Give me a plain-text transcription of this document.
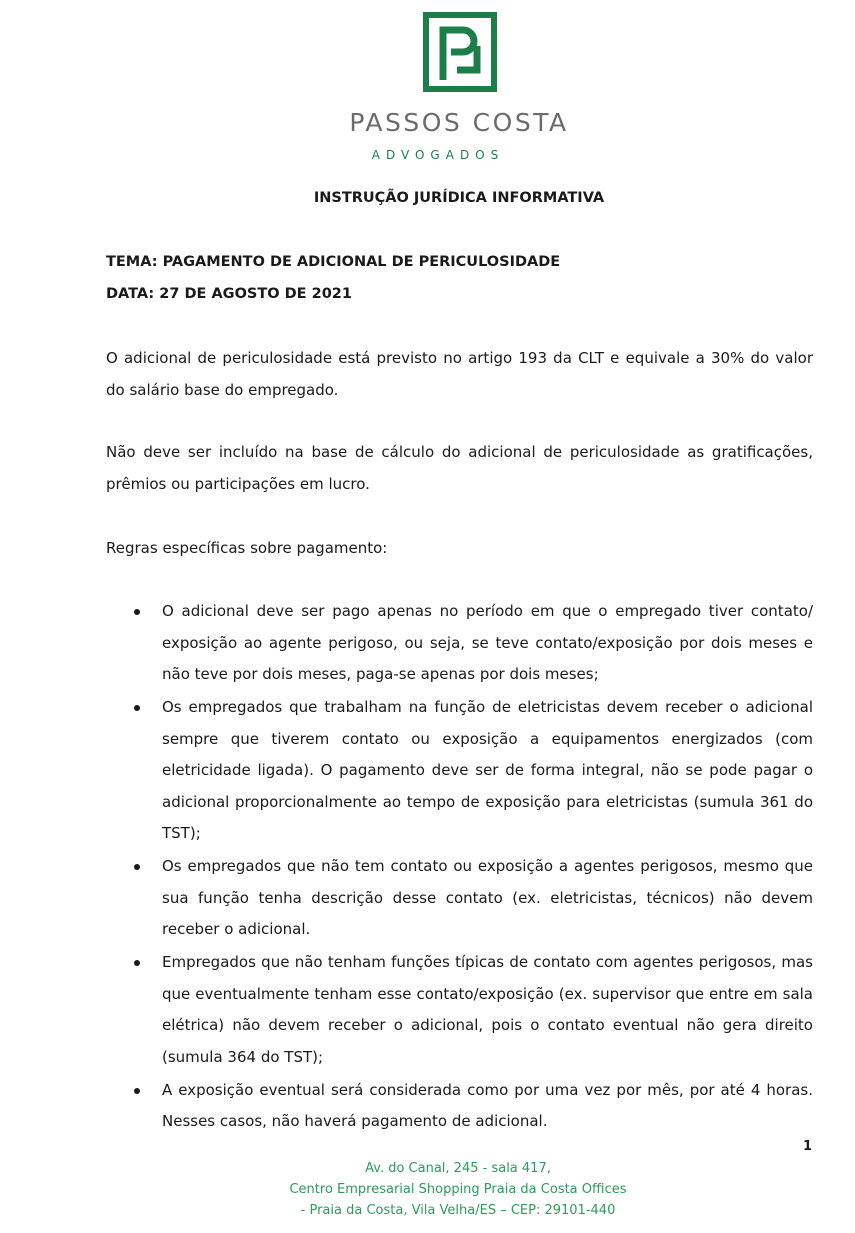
PASSOS COSTA
ADVOGADOS
INSTRUÇÃO JURÍDICA INFORMATIVA
TEMA: PAGAMENTO DE ADICIONAL DE PERICULOSIDADE
DATA: 27 DE AGOSTO DE 2021
O adicional de periculosidade está previsto no artigo 193 da CLT e equivale a 30% do valor do salário base do empregado.
Não deve ser incluído na base de cálculo do adicional de periculosidade as gratificações, prêmios ou participações em lucro.
Regras específicas sobre pagamento:
O adicional deve ser pago apenas no período em que o empregado tiver contato/ exposição ao agente perigoso, ou seja, se teve contato/exposição por dois meses e não teve por dois meses, paga-se apenas por dois meses;
Os empregados que trabalham na função de eletricistas devem receber o adicional sempre que tiverem contato ou exposição a equipamentos energizados (com eletricidade ligada). O pagamento deve ser de forma integral, não se pode pagar o adicional proporcionalmente ao tempo de exposição para eletricistas (sumula 361 do TST);
Os empregados que não tem contato ou exposição a agentes perigosos, mesmo que sua função tenha descrição desse contato (ex. eletricistas, técnicos) não devem receber o adicional.
Empregados que não tenham funções típicas de contato com agentes perigosos, mas que eventualmente tenham esse contato/exposição (ex. supervisor que entre em sala elétrica) não devem receber o adicional, pois o contato eventual não gera direito (sumula 364 do TST);
A exposição eventual será considerada como por uma vez por mês, por até 4 horas. Nesses casos, não haverá pagamento de adicional.
1
Av. do Canal, 245 - sala 417,
Centro Empresarial Shopping Praia da Costa Offices
- Praia da Costa, Vila Velha/ES – CEP: 29101-440
